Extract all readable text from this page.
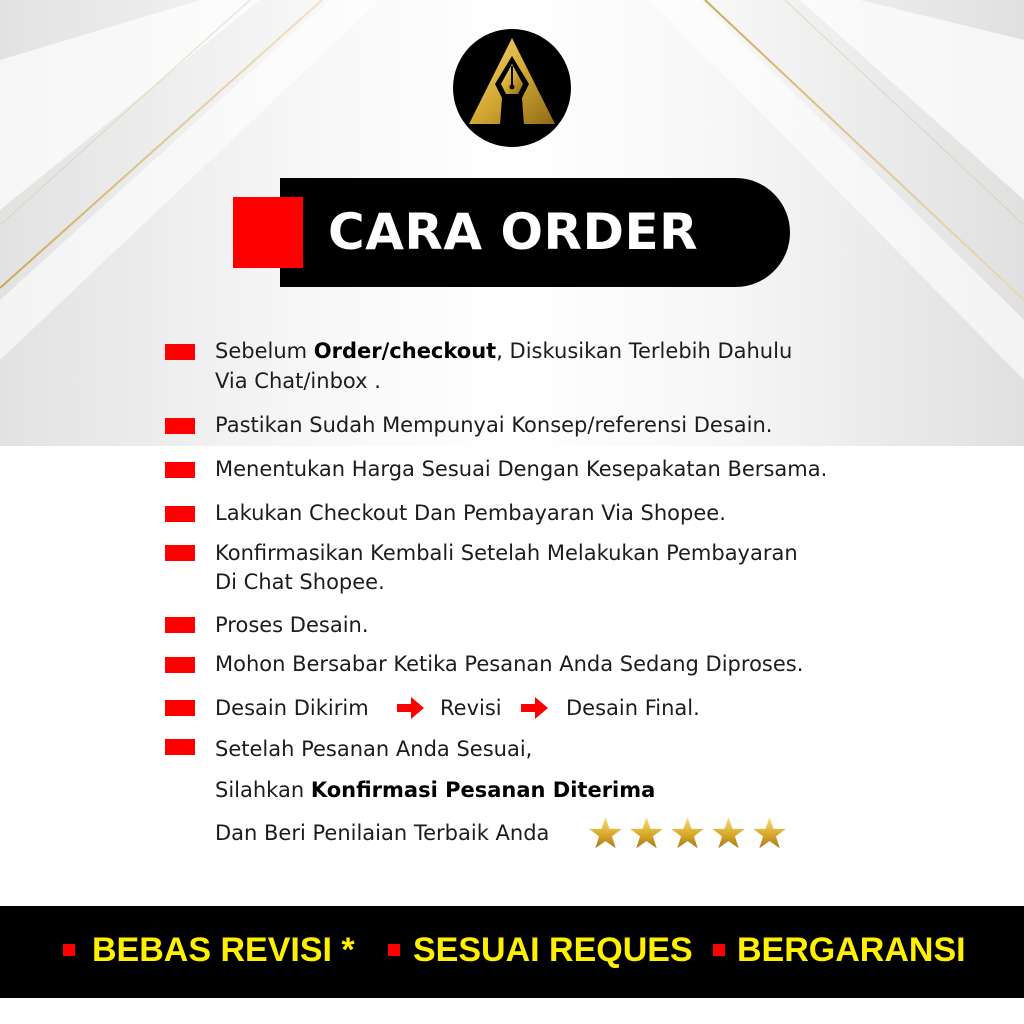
CARA ORDER
Sebelum Order/checkout, Diskusikan Terlebih Dahulu
Via Chat/inbox .
Pastikan Sudah Mempunyai Konsep/referensi Desain.
Menentukan Harga Sesuai Dengan Kesepakatan Bersama.
Lakukan Checkout Dan Pembayaran Via Shopee.
Konfirmasikan Kembali Setelah Melakukan Pembayaran
Di Chat Shopee.
Proses Desain.
Mohon Bersabar Ketika Pesanan Anda Sedang Diproses.
Desain Dikirim	Revisi	Desain Final.
Setelah Pesanan Anda Sesuai,
Silahkan Konfirmasi Pesanan Diterima
Dan Beri Penilaian Terbaik Anda
BEBAS REVISI * SESUAI REQUES BERGARANSI
